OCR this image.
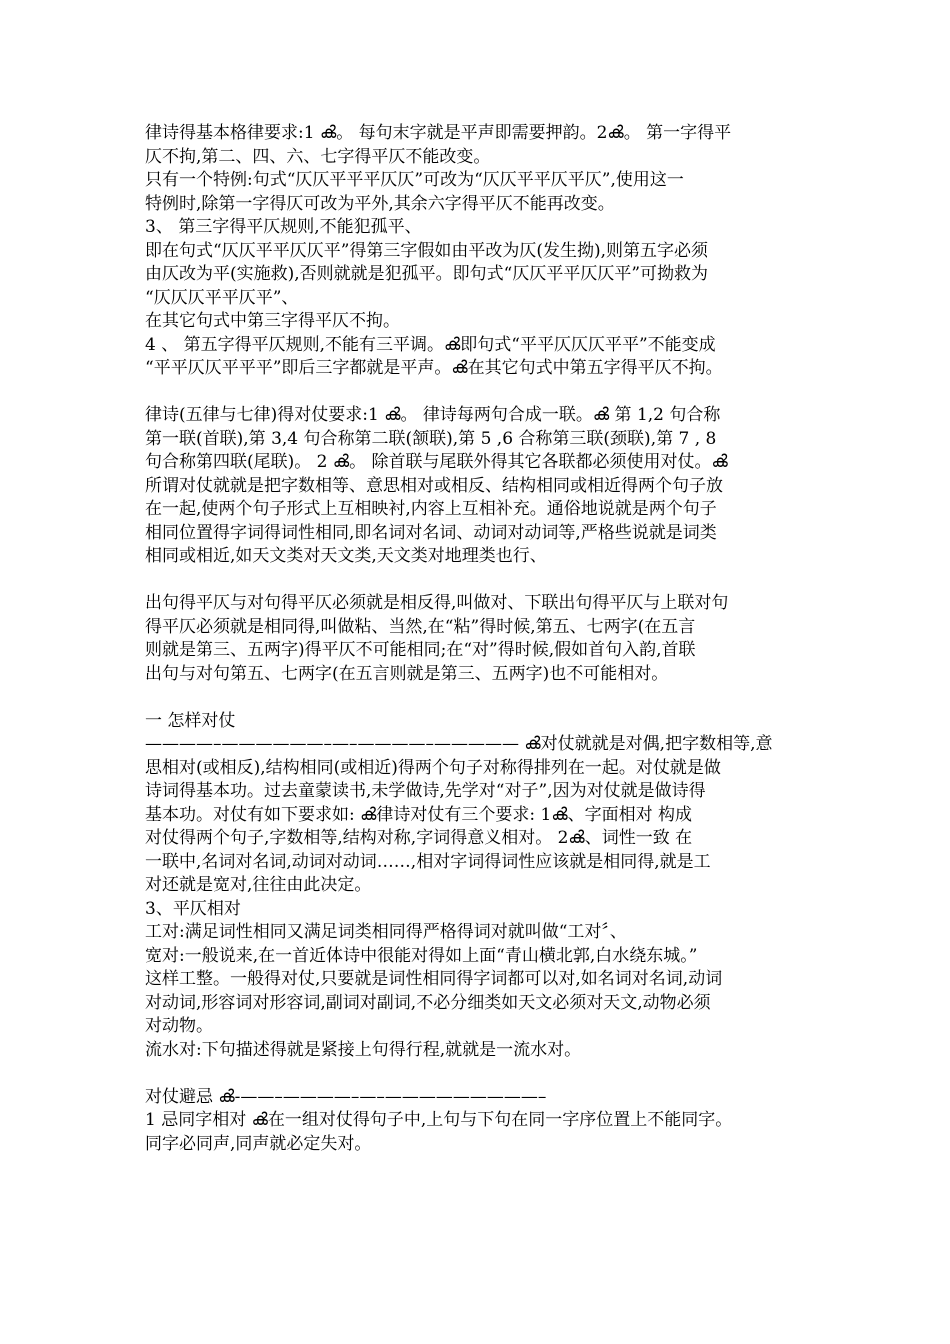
律诗得基本格律要求:1 ൿ。 每句末字就是平声即需要押韵。2ൿ。 第一字得平
仄不拘,第二、四、六、七字得平仄不能改变。
只有一个特例:句式“仄仄平平平仄仄”可改为“仄仄平平仄平仄”,使用这一
特例时,除第一字得仄可改为平外,其余六字得平仄不能再改变。
3、 第三字得平仄规则,不能犯孤平、
即在句式“仄仄平平仄仄平”得第三字假如由平改为仄(发生拗),则第五字必须
由仄改为平(实施救),否则就就是犯孤平。即句式“仄仄平平仄仄平”可拗救为
“仄仄仄平平仄平”、
在其它句式中第三字得平仄不拘。
4 、 第五字得平仄规则,不能有三平调。ൿ即句式“平平仄仄仄平平”不能变成
“平平仄仄平平平”即后三字都就是平声。ൿ在其它句式中第五字得平仄不拘。
律诗(五律与七律)得对仗要求:1 ൿ。 律诗每两句合成一联。ൿ 第 1,2 句合称
第一联(首联),第 3,4 句合称第二联(颔联),第 5 ,6 合称第三联(颈联),第 7 , 8
句合称第四联(尾联)。 2 ൿ。 除首联与尾联外得其它各联都必须使用对仗。ൿ
所谓对仗就就是把字数相等、意思相对或相反、结构相同或相近得两个句子放
在一起,使两个句子形式上互相映衬,内容上互相补充。通俗地说就是两个句子
相同位置得字词得词性相同,即名词对名词、动词对动词等,严格些说就是词类
相同或相近,如天文类对天文类,天文类对地理类也行、
出句得平仄与对句得平仄必须就是相反得,叫做对、下联出句得平仄与上联对句
得平仄必须就是相同得,叫做粘、当然,在“粘”得时候,第五、七两字(在五言
则就是第三、五两字)得平仄不可能相同;在“对”得时候,假如首句入韵,首联
出句与对句第五、七两字(在五言则就是第三、五两字)也不可能相对。
一 怎样对仗
————–——————–—–————–————— ൿ对仗就就是对偶,把字数相等,意
思相对(或相反),结构相同(或相近)得两个句子对称得排列在一起。对仗就是做
诗词得基本功。过去童蒙读书,未学做诗,先学对“对子”,因为对仗就是做诗得
基本功。对仗有如下要求如: ൿ律诗对仗有三个要求: 1ൿ、字面相对 构成
对仗得两个句子,字数相等,结构对称,字词得意义相对。 2ൿ、词性一致 在
一联中,名词对名词,动词对动词……,相对字词得词性应该就是相同得,就是工
对还就是宽对,往往由此决定。
3、平仄相对
工对:满足词性相同又满足词类相同得严格得词对就叫做“工对〞、
宽对:一般说来,在一首近体诗中很能对得如上面“青山横北郭,白水绕东城。”
这样工整。一般得对仗,只要就是词性相同得字词都可以对,如名词对名词,动词
对动词,形容词对形容词,副词对副词,不必分细类如天文必须对天文,动物必须
对动物。
流水对:下句描述得就是紧接上句得行程,就就是一流水对。
对仗避忌 ൿ-——–————–—–—————————–
1 忌同字相对 ൿ在一组对仗得句子中,上句与下句在同一字序位置上不能同字。
同字必同声,同声就必定失对。
